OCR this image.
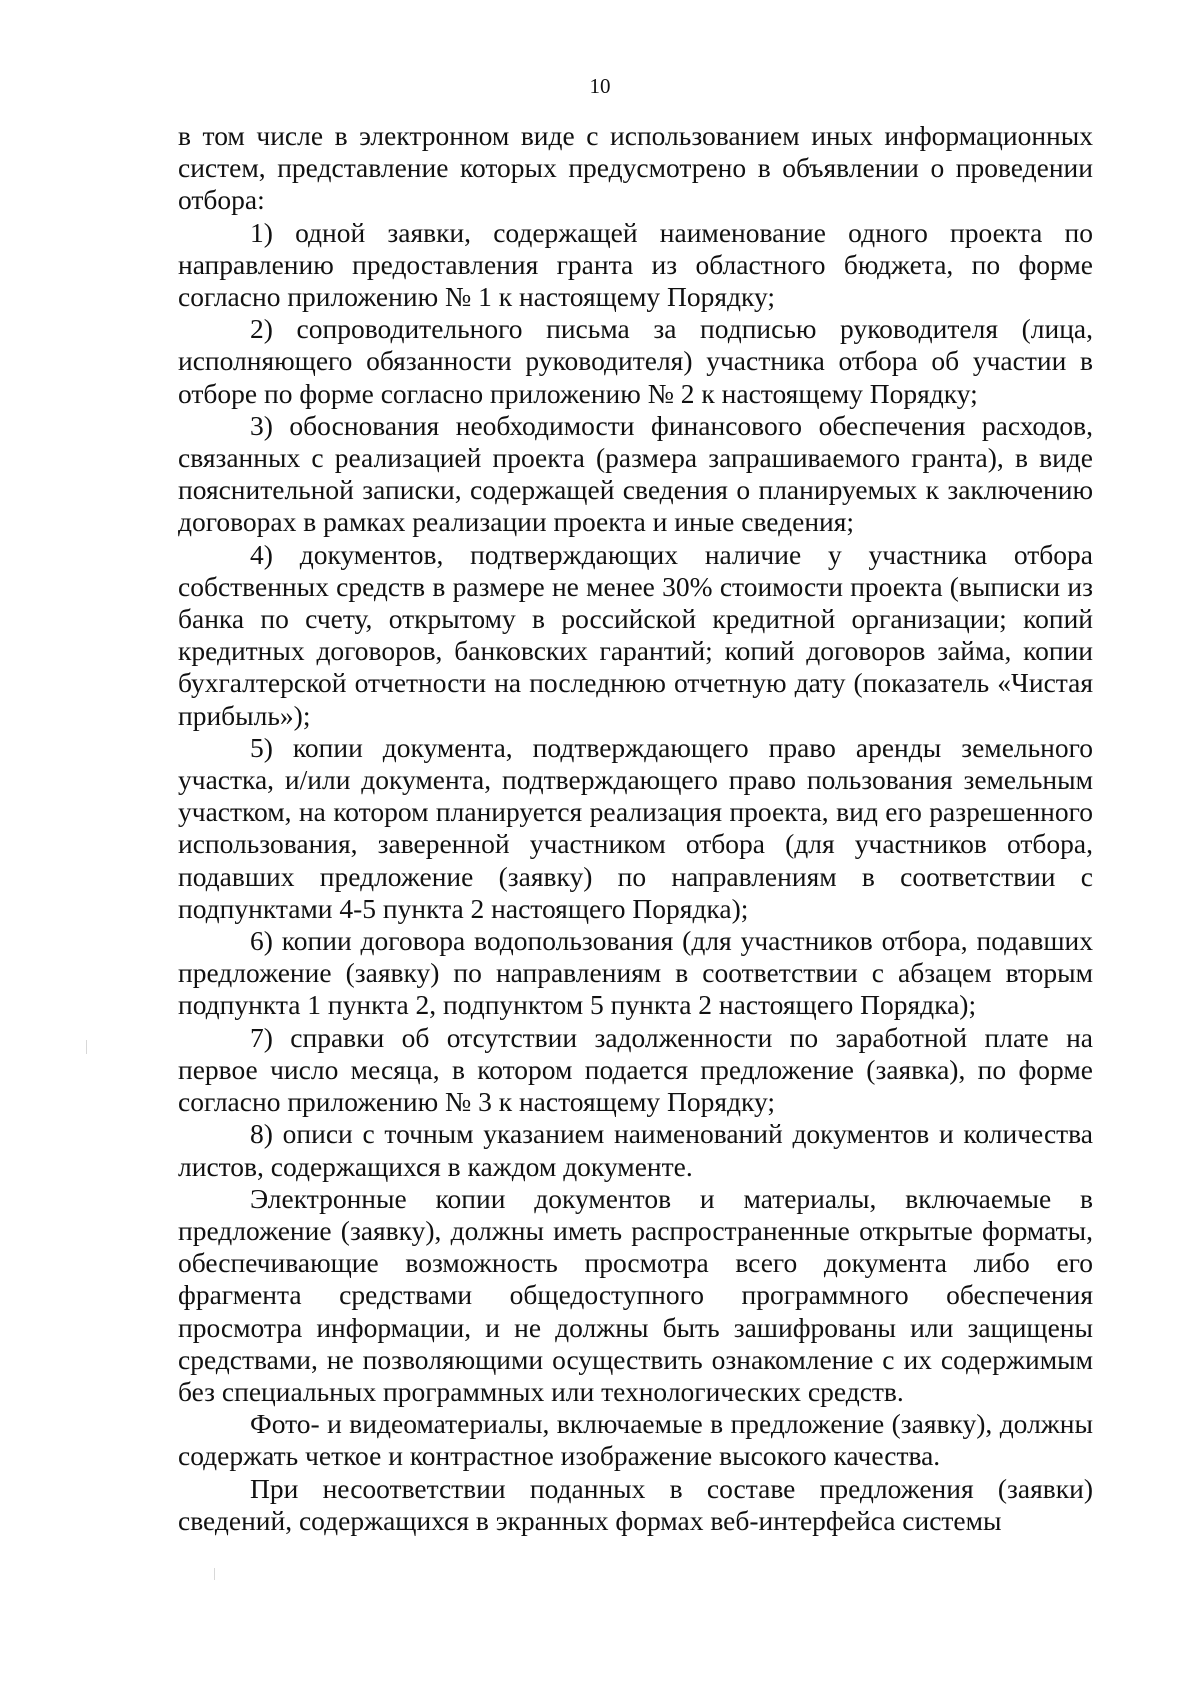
10

в том числе в электронном виде с использованием иных информационных систем, представление которых предусмотрено в объявлении о проведении отбора:

1) одной заявки, содержащей наименование одного проекта по направлению предоставления гранта из областного бюджета, по форме согласно приложению № 1 к настоящему Порядку;

2) сопроводительного письма за подписью руководителя (лица, исполняющего обязанности руководителя) участника отбора об участии в отборе по форме согласно приложению № 2 к настоящему Порядку;

3) обоснования необходимости финансового обеспечения расходов, связанных с реализацией проекта (размера запрашиваемого гранта), в виде пояснительной записки, содержащей сведения о планируемых к заключению договорах в рамках реализации проекта и иные сведения;

4) документов, подтверждающих наличие у участника отбора собственных средств в размере не менее 30% стоимости проекта (выписки из банка по счету, открытому в российской кредитной организации; копий кредитных договоров, банковских гарантий; копий договоров займа, копии бухгалтерской отчетности на последнюю отчетную дату (показатель «Чистая прибыль»);

5) копии документа, подтверждающего право аренды земельного участка, и/или документа, подтверждающего право пользования земельным участком, на котором планируется реализация проекта, вид его разрешенного использования, заверенной участником отбора (для участников отбора, подавших предложение (заявку) по направлениям в соответствии с подпунктами 4-5 пункта 2 настоящего Порядка);

6) копии договора водопользования (для участников отбора, подавших предложение (заявку) по направлениям в соответствии с абзацем вторым подпункта 1 пункта 2, подпунктом 5 пункта 2 настоящего Порядка);

7) справки об отсутствии задолженности по заработной плате на первое число месяца, в котором подается предложение (заявка), по форме согласно приложению № 3 к настоящему Порядку;

8) описи с точным указанием наименований документов и количества листов, содержащихся в каждом документе.

Электронные копии документов и материалы, включаемые в предложение (заявку), должны иметь распространенные открытые форматы, обеспечивающие возможность просмотра всего документа либо его фрагмента средствами общедоступного программного обеспечения просмотра информации, и не должны быть зашифрованы или защищены средствами, не позволяющими осуществить ознакомление с их содержимым без специальных программных или технологических средств.

Фото- и видеоматериалы, включаемые в предложение (заявку), должны содержать четкое и контрастное изображение высокого качества.

При несоответствии поданных в составе предложения (заявки) сведений, содержащихся в экранных формах веб-интерфейса системы
